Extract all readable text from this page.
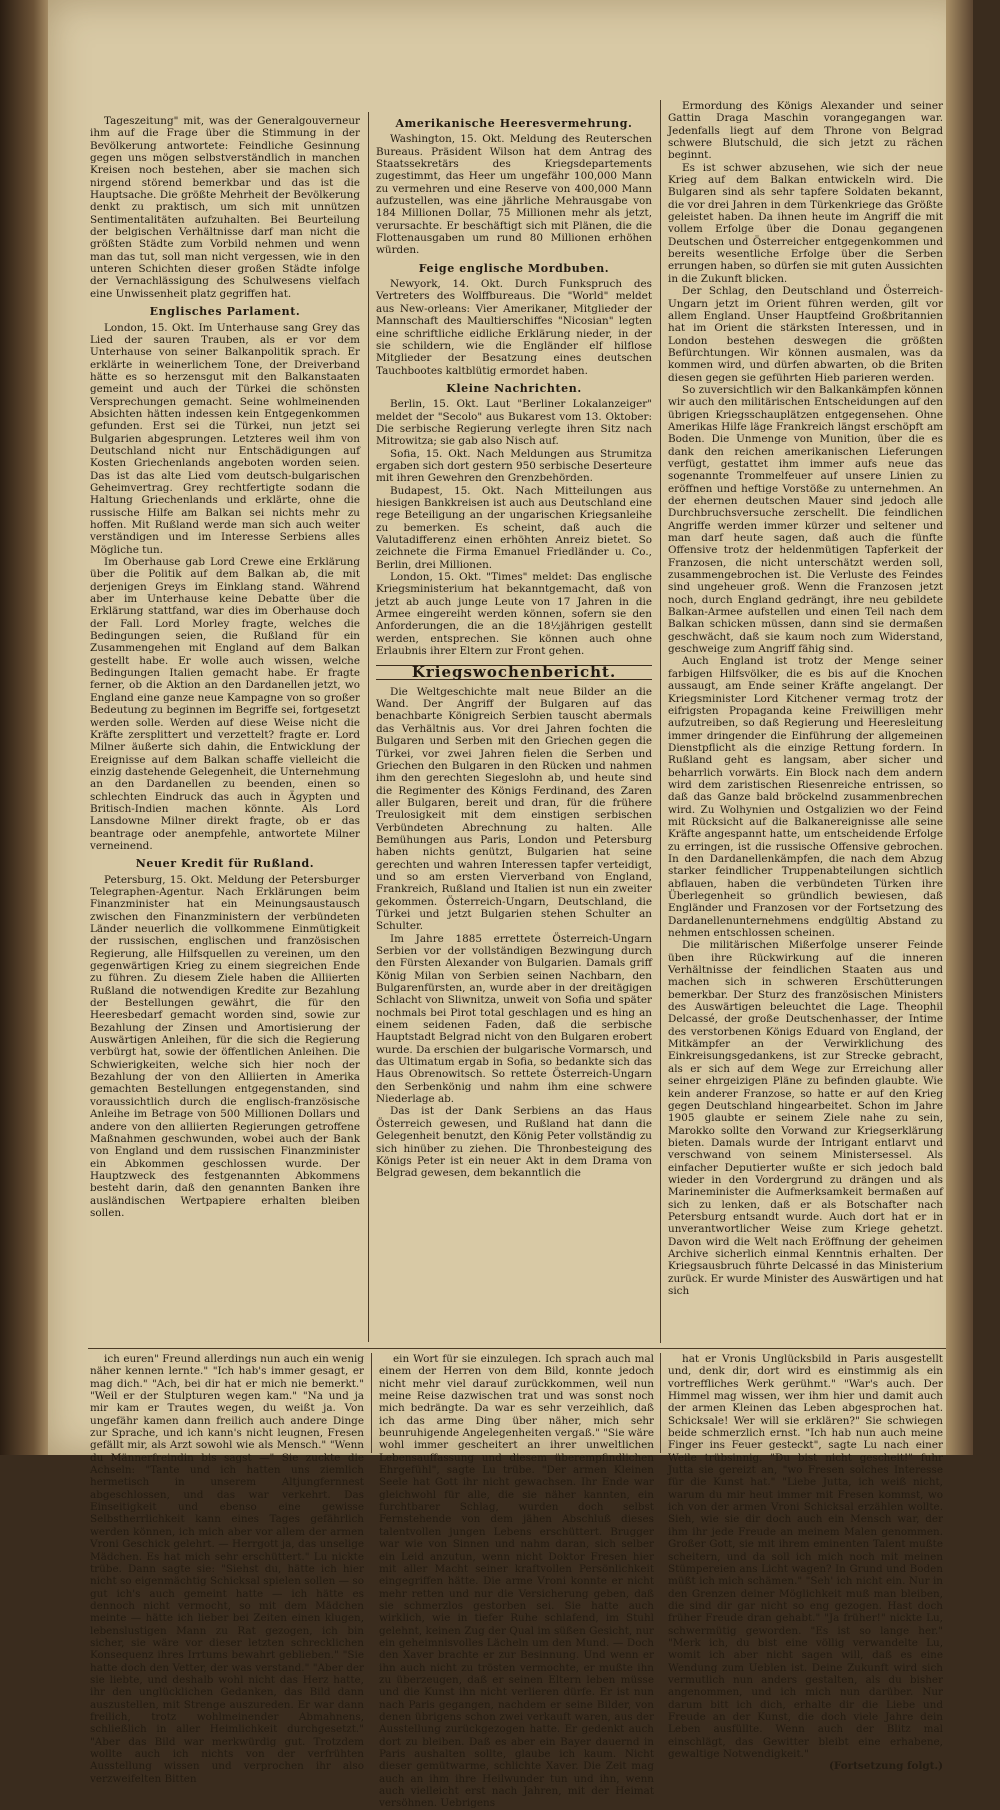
Tageszeitung" mit, was der Generalgouverneur ihm auf die Frage über die Stimmung in der Bevölkerung antwortete: Feindliche Gesinnung gegen uns mögen selbstverständlich in manchen Kreisen noch bestehen, aber sie machen sich nirgend störend bemerkbar und das ist die Hauptsache. Die größte Mehrheit der Bevölkerung denkt zu praktisch, um sich mit unnützen Sentimentalitäten aufzuhalten. Bei Beurteilung der belgischen Verhältnisse darf man nicht die größten Städte zum Vorbild nehmen und wenn man das tut, soll man nicht vergessen, wie in den unteren Schichten dieser großen Städte infolge der Vernachlässigung des Schulwesens vielfach eine Unwissenheit platz gegriffen hat.

Englisches Parlament.

London, 15. Okt. Im Unterhause sang Grey das Lied der sauren Trauben, als er vor dem Unterhause von seiner Balkanpolitik sprach. Er erklärte in weinerlichem Tone, der Dreiverband hätte es so herzensgut mit den Balkanstaaten gemeint und auch der Türkei die schönsten Versprechungen gemacht. Seine wohlmeinenden Absichten hätten indessen kein Entgegenkommen gefunden. Erst sei die Türkei, nun jetzt sei Bulgarien abgesprungen. Letzteres weil ihm von Deutschland nicht nur Entschädigungen auf Kosten Griechenlands angeboten worden seien. Das ist das alte Lied vom deutsch-bulgarischen Geheimvertrag. Grey rechtfertigte sodann die Haltung Griechenlands und erklärte, ohne die russische Hilfe am Balkan sei nichts mehr zu hoffen. Mit Rußland werde man sich auch weiter verständigen und im Interesse Serbiens alles Mögliche tun.

Im Oberhause gab Lord Crewe eine Erklärung über die Politik auf dem Balkan ab, die mit derjenigen Greys im Einklang stand. Während aber im Unterhause keine Debatte über die Erklärung stattfand, war dies im Oberhause doch der Fall. Lord Morley fragte, welches die Bedingungen seien, die Rußland für ein Zusammengehen mit England auf dem Balkan gestellt habe. Er wolle auch wissen, welche Bedingungen Italien gemacht habe. Er fragte ferner, ob die Aktion an den Dardanellen jetzt, wo England eine ganze neue Kampagne von so großer Bedeutung zu beginnen im Begriffe sei, fortgesetzt werden solle. Werden auf diese Weise nicht die Kräfte zersplittert und verzettelt? fragte er. Lord Milner äußerte sich dahin, die Entwicklung der Ereignisse auf dem Balkan schaffe vielleicht die einzig dastehende Gelegenheit, die Unternehmung an den Dardanellen zu beenden, einen so schlechten Eindruck das auch in Ägypten und Britisch-Indien machen könnte. Als Lord Lansdowne Milner direkt fragte, ob er das beantrage oder anempfehle, antwortete Milner verneinend.

Neuer Kredit für Rußland.

Petersburg, 15. Okt. Meldung der Petersburger Telegraphen-Agentur. Nach Erklärungen beim Finanzminister hat ein Meinungsaustausch zwischen den Finanzministern der verbündeten Länder neuerlich die vollkommene Einmütigkeit der russischen, englischen und französischen Regierung, alle Hilfsquellen zu vereinen, um den gegenwärtigen Krieg zu einem siegreichen Ende zu führen. Zu diesem Ziele haben die Alliierten Rußland die notwendigen Kredite zur Bezahlung der Bestellungen gewährt, die für den Heeresbedarf gemacht worden sind, sowie zur Bezahlung der Zinsen und Amortisierung der Auswärtigen Anleihen, für die sich die Regierung verbürgt hat, sowie der öffentlichen Anleihen. Die Schwierigkeiten, welche sich hier noch der Bezahlung der von den Alliierten in Amerika gemachten Bestellungen entgegenstanden, sind voraussichtlich durch die englisch-französische Anleihe im Betrage von 500 Millionen Dollars und andere von den alliierten Regierungen getroffene Maßnahmen geschwunden, wobei auch der Bank von England und dem russischen Finanzminister ein Abkommen geschlossen wurde. Der Hauptzweck des festgenannten Abkommens besteht darin, daß den genannten Banken ihre ausländischen Wertpapiere erhalten bleiben sollen.

Amerikanische Heeresvermehrung.

Washington, 15. Okt. Meldung des Reuterschen Bureaus. Präsident Wilson hat dem Antrag des Staatssekretärs des Kriegsdepartements zugestimmt, das Heer um ungefähr 100,000 Mann zu vermehren und eine Reserve von 400,000 Mann aufzustellen, was eine jährliche Mehrausgabe von 184 Millionen Dollar, 75 Millionen mehr als jetzt, verursachte. Er beschäftigt sich mit Plänen, die die Flottenausgaben um rund 80 Millionen erhöhen würden.

Feige englische Mordbuben.

Newyork, 14. Okt. Durch Funkspruch des Vertreters des Wolffbureaus. Die "World" meldet aus New-orleans: Vier Amerikaner, Mitglieder der Mannschaft des Maultierschiffes "Nicosian" legten eine schriftliche eidliche Erklärung nieder, in der sie schildern, wie die Engländer elf hilflose Mitglieder der Besatzung eines deutschen Tauchbootes kaltblütig ermordet haben.

Kleine Nachrichten.

Berlin, 15. Okt. Laut "Berliner Lokalanzeiger" meldet der "Secolo" aus Bukarest vom 13. Oktober: Die serbische Regierung verlegte ihren Sitz nach Mitrowitza; sie gab also Nisch auf.

Sofia, 15. Okt. Nach Meldungen aus Strumitza ergaben sich dort gestern 950 serbische Deserteure mit ihren Gewehren den Grenzbehörden.

Budapest, 15. Okt. Nach Mitteilungen aus hiesigen Bankkreisen ist auch aus Deutschland eine rege Beteiligung an der ungarischen Kriegsanleihe zu bemerken. Es scheint, daß auch die Valutadifferenz einen erhöhten Anreiz bietet. So zeichnete die Firma Emanuel Friedländer u. Co., Berlin, drei Millionen.

London, 15. Okt. "Times" meldet: Das englische Kriegsministerium hat bekanntgemacht, daß von jetzt ab auch junge Leute von 17 Jahren in die Armee eingereiht werden können, sofern sie den Anforderungen, die an die 18½jährigen gestellt werden, entsprechen. Sie können auch ohne Erlaubnis ihrer Eltern zur Front gehen.

Kriegswochenbericht.

Die Weltgeschichte malt neue Bilder an die Wand. Der Angriff der Bulgaren auf das benachbarte Königreich Serbien tauscht abermals das Verhältnis aus. Vor drei Jahren fochten die Bulgaren und Serben mit den Griechen gegen die Türkei, vor zwei Jahren fielen die Serben und Griechen den Bulgaren in den Rücken und nahmen ihm den gerechten Siegeslohn ab, und heute sind die Regimenter des Königs Ferdinand, des Zaren aller Bulgaren, bereit und dran, für die frühere Treulosigkeit mit dem einstigen serbischen Verbündeten Abrechnung zu halten. Alle Bemühungen aus Paris, London und Petersburg haben nichts genützt, Bulgarien hat seine gerechten und wahren Interessen tapfer verteidigt, und so am ersten Vierverband von England, Frankreich, Rußland und Italien ist nun ein zweiter gekommen. Österreich-Ungarn, Deutschland, die Türkei und jetzt Bulgarien stehen Schulter an Schulter.

Im Jahre 1885 errettete Österreich-Ungarn Serbien vor der vollständigen Bezwingung durch den Fürsten Alexander von Bulgarien. Damals griff König Milan von Serbien seinen Nachbarn, den Bulgarenfürsten, an, wurde aber in der dreitägigen Schlacht von Sliwnitza, unweit von Sofia und später nochmals bei Pirot total geschlagen und es hing an einem seidenen Faden, daß die serbische Hauptstadt Belgrad nicht von den Bulgaren erobert wurde. Da erschien der bulgarische Vormarsch, und das Ultimatum ergab in Sofia, so bedankte sich das Haus Obrenowitsch. So rettete Österreich-Ungarn den Serbenkönig und nahm ihm eine schwere Niederlage ab.

Das ist der Dank Serbiens an das Haus Österreich gewesen, und Rußland hat dann die Gelegenheit benutzt, den König Peter vollständig zu sich hinüber zu ziehen. Die Thronbesteigung des Königs Peter ist ein neuer Akt in dem Drama von Belgrad gewesen, dem bekanntlich die

Ermordung des Königs Alexander und seiner Gattin Draga Maschin vorangegangen war. Jedenfalls liegt auf dem Throne von Belgrad schwere Blutschuld, die sich jetzt zu rächen beginnt.

Es ist schwer abzusehen, wie sich der neue Krieg auf dem Balkan entwickeln wird. Die Bulgaren sind als sehr tapfere Soldaten bekannt, die vor drei Jahren in dem Türkenkriege das Größte geleistet haben. Da ihnen heute im Angriff die mit vollem Erfolge über die Donau gegangenen Deutschen und Österreicher entgegenkommen und bereits wesentliche Erfolge über die Serben errungen haben, so dürfen sie mit guten Aussichten in die Zukunft blicken.

Der Schlag, den Deutschland und Österreich-Ungarn jetzt im Orient führen werden, gilt vor allem England. Unser Hauptfeind Großbritannien hat im Orient die stärksten Interessen, und in London bestehen deswegen die größten Befürchtungen. Wir können ausmalen, was da kommen wird, und dürfen abwarten, ob die Briten diesen gegen sie geführten Hieb parieren werden.

So zuversichtlich wir den Balkankämpfen können wir auch den militärischen Entscheidungen auf den übrigen Kriegsschauplätzen entgegensehen. Ohne Amerikas Hilfe läge Frankreich längst erschöpft am Boden. Die Unmenge von Munition, über die es dank den reichen amerikanischen Lieferungen verfügt, gestattet ihm immer aufs neue das sogenannte Trommelfeuer auf unsere Linien zu eröffnen und heftige Vorstöße zu unternehmen. An der ehernen deutschen Mauer sind jedoch alle Durchbruchsversuche zerschellt. Die feindlichen Angriffe werden immer kürzer und seltener und man darf heute sagen, daß auch die fünfte Offensive trotz der heldenmütigen Tapferkeit der Franzosen, die nicht unterschätzt werden soll, zusammengebrochen ist. Die Verluste des Feindes sind ungeheuer groß. Wenn die Franzosen jetzt noch, durch England gedrängt, ihre neu gebildete Balkan-Armee aufstellen und einen Teil nach dem Balkan schicken müssen, dann sind sie dermaßen geschwächt, daß sie kaum noch zum Widerstand, geschweige zum Angriff fähig sind.

Auch England ist trotz der Menge seiner farbigen Hilfsvölker, die es bis auf die Knochen aussaugt, am Ende seiner Kräfte angelangt. Der Kriegsminister Lord Kitchener vermag trotz der eifrigsten Propaganda keine Freiwilligen mehr aufzutreiben, so daß Regierung und Heeresleitung immer dringender die Einführung der allgemeinen Dienstpflicht als die einzige Rettung fordern. In Rußland geht es langsam, aber sicher und beharrlich vorwärts. Ein Block nach dem andern wird dem zaristischen Riesenreiche entrissen, so daß das Ganze bald bröckelnd zusammenbrechen wird. Zu Wolhynien und Ostgalizien wo der Feind mit Rücksicht auf die Balkanereignisse alle seine Kräfte angespannt hatte, um entscheidende Erfolge zu erringen, ist die russische Offensive gebrochen. In den Dardanellenkämpfen, die nach dem Abzug starker feindlicher Truppenabteilungen sichtlich abflauen, haben die verbündeten Türken ihre Überlegenheit so gründlich bewiesen, daß Engländer und Franzosen vor der Fortsetzung des Dardanellenunternehmens endgültig Abstand zu nehmen entschlossen scheinen.

Die militärischen Mißerfolge unserer Feinde üben ihre Rückwirkung auf die inneren Verhältnisse der feindlichen Staaten aus und machen sich in schweren Erschütterungen bemerkbar. Der Sturz des französischen Ministers des Auswärtigen beleuchtet die Lage. Theophil Delcassé, der große Deutschenhasser, der Intime des verstorbenen Königs Eduard von England, der Mitkämpfer an der Verwirklichung des Einkreisungsgedankens, ist zur Strecke gebracht, als er sich auf dem Wege zur Erreichung aller seiner ehrgeizigen Pläne zu befinden glaubte. Wie kein anderer Franzose, so hatte er auf den Krieg gegen Deutschland hingearbeitet. Schon im Jahre 1905 glaubte er seinem Ziele nahe zu sein, Marokko sollte den Vorwand zur Kriegserklärung bieten. Damals wurde der Intrigant entlarvt und verschwand von seinem Ministersessel. Als einfacher Deputierter wußte er sich jedoch bald wieder in den Vordergrund zu drängen und als Marineminister die Aufmerksamkeit bermaßen auf sich zu lenken, daß er als Botschafter nach Petersburg entsandt wurde. Auch dort hat er in unverantwortlicher Weise zum Kriege gehetzt. Davon wird die Welt nach Eröffnung der geheimen Archive sicherlich einmal Kenntnis erhalten. Der Kriegsausbruch führte Delcassé in das Ministerium zurück. Er wurde Minister des Auswärtigen und hat sich

ich euren" Freund allerdings nun auch ein wenig näher kennen lernte." "Ich hab's immer gesagt, er mag dich." "Ach, bei dir hat er mich nie bemerkt." "Weil er der Stulpturen wegen kam." "Na und ja mir kam er Trautes wegen, du weißt ja. Von ungefähr kamen dann freilich auch andere Dinge zur Sprache, und ich kann's nicht leugnen, Fresen gefällt mir, als Arzt sowohl wie als Mensch." "Wenn du Männerfreindin bis sagst —" Sie zuckte die Achseln: "Tante und ich hatten uns ziemlich hermetisch in unserem Altjungfernnest abgeschlossen, und das war verkehrt. Das Einseitigkeit und ebenso eine gewisse Selbstherrlichkeit kann eines Tages gefährlich werden können, ich mich aber vor allem der armen Vroni Geschick gelehrt. — Herrgott ja, das unselige Mädchen. Es hat mich sehr erschüttert." Lu nickte trübe. Dann sagte sie: "Siehst du, hätte ich hier nicht so eigenmächtig Schicksal spielen sollen — so gut ich's auch gemeint hatte — ich hätte es dennoch nicht vermocht, so mit dem Mädchen meinte — hätte ich lieber bei Zeiten einen klugen, lebenslustigen Mann zu Rat gezogen, ich bin sicher, sie wäre vor dieser letzten schrecklichen Konsequenz ihres Irrtums bewahrt geblieben." "Sie hatte doch den Vetter, der was verstand." "Aber der sie liebte, und deshalb wohl nicht das Herz hatte, ihr den unglücklichen Gedanken, das Bild dann auszustellen, mit Strenge auszureden. Er war dann freilich, trotz wohlmeinender Abmahnens, schließlich in aller Heimlichkeit durchgesetzt." "Aber das Bild war merkwürdig gut. Trotzdem wollte auch ich nichts von der verfrühten Ausstellung wissen und verprochen ihr also verzweifelten Bitten

ein Wort für sie einzulegen. Ich sprach auch mal einem der Herren von dem Bild, konnte jedoch nicht mehr viel darauf zurückkommen, weil nun meine Reise dazwischen trat und was sonst noch mich bedrängte. Da war es sehr verzeihlich, daß ich das arme Ding über näher, mich sehr beunruhigende Angelegenheiten vergaß." "Sie wäre wohl immer gescheitert an ihrer unweltlichen Lebensauffassung und diesem überempfindlichen Ehrgefühl", sagte Lu trübe. "Der armen Kleinen Seele hat Gott ihr nicht gewachsen. Ihr Ende war gleichwohl für alle, die sie näher kannten, ein furchtbarer Schlag, wurden doch selbst Fernstehende von dem jähen Abschluß dieses talentvollen jungen Lebens erschüttert. Brugger war wie von Sinnen und nahm daran, sich selber ein Leid anzutun, wenn nicht Doktor Fresen hier mit aller Macht seiner kraftvollen Persönlichkeit eingegriffen hätte. Die arme Vroni konnte er nicht mehr retten und nur die Versicherung geben, daß sie schmerzlos gestorben sei. Sie hatte auch wirklich, wie in tiefer Ruhe schlafend, im Stuhl gelehnt, keinen Zug der Qual im süßen Gesicht, nur ein geheimnisvolles Lächeln um den Mund. — Doch den Xaver brachte er zur Besinnung. Und wenn er ihn auch nicht zu trösten vermochte, er mußte ihn zu überzeugen, daß er seinen Eltern leben müsse und die Kunst ihn nicht verlieren dürfe. Er ist nun nach Paris gegangen, nachdem er seine Bilder, von denen übrigens schon zwei verkauft waren, aus der Ausstellung zurückgezogen hatte. Er gedenkt auch dort zu bleiben. Daß es aber ein Bayer dauernd in Paris aushalten sollte, glaube ich kaum. Nicht dieser gemütwarme, schlichte Xaver. Die Zeit mag auch an ihm ihre Heilwunder tun und ihn, wenn auch vielleicht erst nach Jahren, mit der Heimat versöhnen. Uebrigens

hat er Vronis Unglücksbild in Paris ausgestellt und, denk dir, dort wird es einstimmig als ein vortreffliches Werk gerühmt." "War's auch. Der Himmel mag wissen, wer ihm hier und damit auch der armen Kleinen das Leben abgesprochen hat. Schicksale! Wer will sie erklären?" Sie schwiegen beide schmerzlich ernst. "Ich hab nun auch meine Finger ins Feuer gesteckt", sagte Lu nach einer Weile trübsinnig. "Du bist nicht gescheit!" fuhr Jutta sie gereizt an, "wo Fresen solches Interesse für die Kunst hat." "Liebe Jutta, ich weiß nicht, warum du mir heut immer mit Fresen kommst, wo ich von der armen Vroni Schicksal erzählen wollte. Sieh, wie sie dir doch auch ein Mensch war, der ihm ihr jede Freude an meinem Malen genommen. Großer Gott, sie mit ihrem eminenten Talent mußte scheitern, und da soll ich mich noch mit meinen Stümpereien ans Licht wagen? In Grund und Boden müßt ich mich schämen." "Seh' ich nicht ein. Nur in den Grenzen deiner Möglichkeit muß man bleiben, die sind dir gar nicht so eng gezogen. Hast doch früher Freude dran gehabt." "Ja früher!" nickte Lu, schwermütig geworden. "Es ist so lange her." "Merk ich, du bist eine völlig verwandelte Lu, womit ich aber nicht sagen will, daß es eine Wendung zum Ueblen ist. Deine Zukunft wird sich vermutlich nun anders gestalten, als du bisher angenommen, und ich mich nun darüber. Nur darum bitt ich dich, erhalte dir die Liebe und Freude an der Kunst, die doch viele Jahre dein Leben ausfüllte. Wenn auch der Blitz mal einschlägt, das Gewitter bleibt eine erhabene, gewaltige Notwendigkeit."

(Fortsetzung folgt.)
